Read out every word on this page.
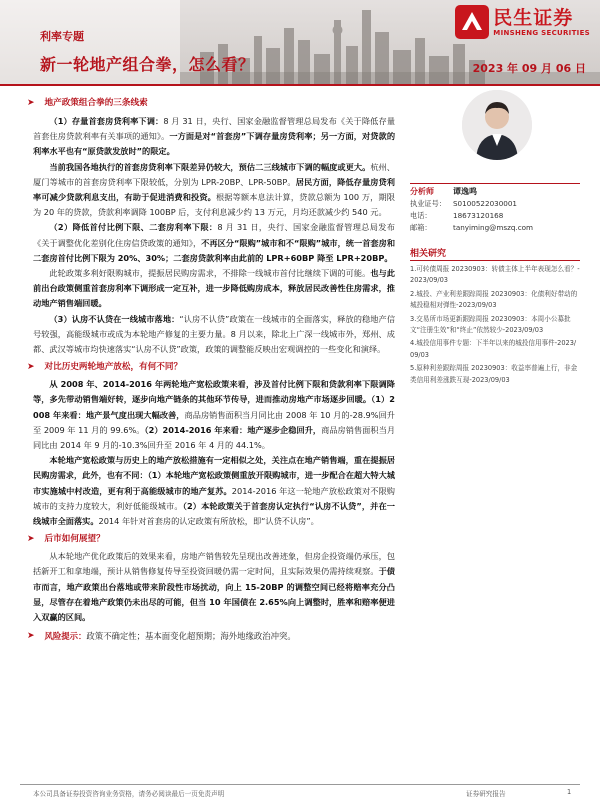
利率专题
新一轮地产组合拳，怎么看？
民生证券
MINSHENG SECURITIES
2023 年 09 月 06 日
➤ 地产政策组合拳的三条线索
（1）存量首套房贷利率下调：8 月 31 日，央行、国家金融监督管理总局发布《关于降低存量首套住房贷款利率有关事项的通知》。一方面是对“首套房”下调存量房贷利率；另一方面，对贷款的利率水平也有“原贷款发放时”的限定。
当前我国各地执行的首套房贷利率下限差异仍较大，预估二三线城市下调的幅度或更大。杭州、厦门等城市的首套房贷利率下限较低，分别为 LPR-20BP、LPR-50BP。居民方面，降低存量房贷利率可减少贷款利息支出，有助于促进消费和投资。根据等额本息法计算，贷款总额为 100 万，期限为 20 年的贷款，贷款利率调降 100BP 后，支付利息减少约 13 万元，月均还款减少约 540 元。
（2）降低首付比例下限、二套房利率下限：8 月 31 日，央行、国家金融监督管理总局发布《关于调整优化差别化住房信贷政策的通知》，不再区分“限购”城市和不“限购”城市，统一首套房和二套房首付比例下限为 20%、30%；二套房贷款利率由此前的 LPR+60BP 降至 LPR+20BP。
此轮政策多利好限购城市，提振居民购房需求，不排除一线城市首付比继续下调的可能。也与此前出台政策侧重首套房利率下调形成一定互补，进一步降低购房成本，释放居民改善性住房需求，推动地产销售端回暖。
（3）认房不认贷在一线城市落地：“认房不认贷”政策在一线城市的全面落实，释放的稳地产信号较强，高能级城市或成为本轮地产修复的主要力量。8 月以来，除北上广深一线城市外，郑州、成都、武汉等城市均快速落实“认房不认贷”政策，政策的调整能反映出宏观调控的一些变化和演绎。
➤ 对比历史两轮地产放松，有何不同？
从 2008 年、2014-2016 年两轮地产宽松政策来看，涉及首付比例下限和贷款利率下限调降等，多先带动销售端好转，逐步向地产链条的其他环节传导，进而推动房地产市场逐步回暖。（1）2008 年来看：地产景气度出现大幅改善，商品房销售面积当月同比由 2008 年 10 月的-28.9%回升至 2009 年 11 月的 99.6%。（2）2014-2016 年来看：地产逐步企稳回升，商品房销售面积当月同比由 2014 年 9 月的-10.3%回升至 2016 年 4 月的 44.1%。
本轮地产宽松政策与历史上的地产放松措施有一定相似之处，关注点在地产销售端，重在提振居民购房需求，此外，也有不同：（1）本轮地产宽松政策侧重放开限购城市，进一步配合在超大特大城市实施城中村改造，更有利于高能级城市的地产复苏。2014-2016 年这一轮地产放松政策对不限购城市的支持力度较大，利好低能级城市。（2）本轮政策关于首套房认定执行“认房不认贷”，并在一线城市全面落实。2014 年针对首套房的认定政策有所放松，即“认贷不认房”。
➤ 后市如何展望？
从本轮地产优化政策后的效果来看，房地产销售较先呈现出改善迹象，但房企投资端仍承压，包括新开工和拿地端，预计从销售修复传导至投资回暖仍需一定时间，且实际效果仍需持续观察。于债市而言，地产政策出台落地或带来阶段性市场扰动，向上 15-20BP 的调整空间已经将赔率充分凸显，尽管存在着地产政策仍未出尽的可能，但当 10 年国债在 2.65%向上调整时，胜率和赔率便进入双赢的区间。
➤ 风险提示： 政策不确定性；基本面变化超预期；海外地缘政治冲突。
分析师	谭逸鸣
执业证号： S0100522030001
电话：	18673120168
邮箱：	tanyiming@mszq.com
相关研究
1.可转债周报 20230903：转债主体上半年表现怎么看？-2023/09/03
2.城投、产业利差跟踪周报 20230903：化债利好带动的城投稳相对弹性-2023/09/03
3.交易所市场更新跟踪周报 20230903：本周小公募批文“注册生效”和“终止”依然较少-2023/09/03
4.城投信用事件专题：下半年以来的城投信用事件-2023/09/03
5.原种利差跟踪周报 20230903：收益率普遍上行，非金类信用利差涨跌互现-2023/09/03
本公司具备证券投资咨询业务资格，请务必阅读最后一页免责声明	证券研究报告	1
